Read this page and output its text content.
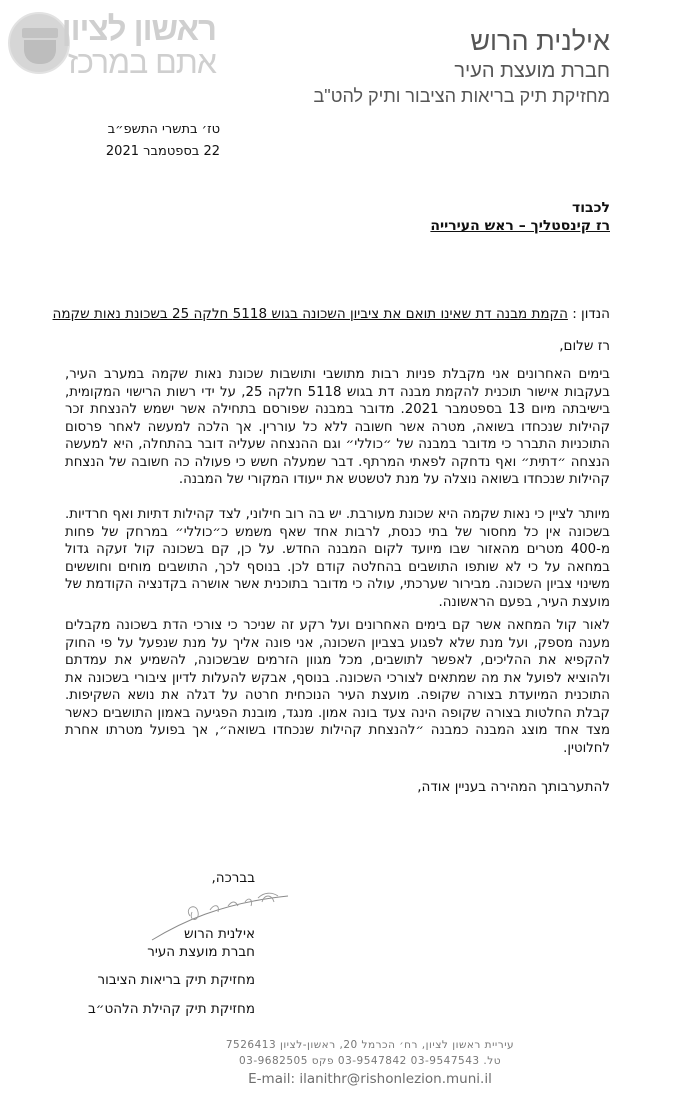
ראשון לציון
אתם במרכז
אילנית הרוש
חברת מועצת העיר
מחזיקת תיק בריאות הציבור ותיק להט"ב
טז׳ בתשרי התשפ״ב
22 בספטמבר 2021
לכבוד
רז קינסטליך – ראש העירייה
הנדון : הקמת מבנה דת שאינו תואם את ציביון השכונה בגוש 5118 חלקה 25 בשכונת נאות שקמה
רז שלום,
בימים האחרונים אני מקבלת פניות רבות מתושבי ותושבות שכונת נאות שקמה במערב העיר, בעקבות אישור תוכנית להקמת מבנה דת בגוש 5118 חלקה 25, על ידי רשות הרישוי המקומית, בישיבתה מיום 13 בספטמבר 2021. מדובר במבנה שפורסם בתחילה אשר ישמש להנצחת זכר קהילות שנכחדו בשואה, מטרה אשר חשובה ללא כל עוררין. אך הלכה למעשה לאחר פרסום התוכניות התברר כי מדובר במבנה של ״כוללי״ וגם ההנצחה שעליה דובר בהתחלה, היא למעשה הנצחה ״דתית״ ואף נדחקה לפאתי המרתף. דבר שמעלה חשש כי פעולה כה חשובה של הנצחת קהילות שנכחדו בשואה נוצלה על מנת לטשטש את ייעודו המקורי של המבנה.
מיותר לציין כי נאות שקמה היא שכונת מעורבת. יש בה רוב חילוני, לצד קהילות דתיות ואף חרדיות. בשכונה אין כל מחסור של בתי כנסת, לרבות אחד שאף משמש כ״כוללי״ במרחק של פחות מ-400 מטרים מהאזור שבו מיועד לקום המבנה החדש. על כן, קם בשכונה קול זעקה גדול במחאה על כי לא שותפו התושבים בהחלטה קודם לכן. בנוסף לכך, התושבים מוחים וחוששים משינוי צביון השכונה. מבירור שערכתי, עולה כי מדובר בתוכנית אשר אושרה בקדנציה הקודמת של מועצת העיר, בפעם הראשונה.
לאור קול המחאה אשר קם בימים האחרונים ועל רקע זה שניכר כי צורכי הדת בשכונה מקבלים מענה מספק, ועל מנת שלא לפגוע בצביון השכונה, אני פונה אליך על מנת שנפעל על פי החוק להקפיא את ההליכים, לאפשר לתושבים, מכל מגוון הזרמים שבשכונה, להשמיע את עמדתם ולהוציא לפועל את מה שמתאים לצורכי השכונה. בנוסף, אבקש להעלות לדיון ציבורי בשכונה את התוכנית המיועדת בצורה שקופה. מועצת העיר הנוכחית חרטה על דגלה את נושא השקיפות. קבלת החלטות בצורה שקופה הינה צעד בונה אמון. מנגד, מובנת הפגיעה באמון התושבים כאשר מצד אחד מוצג המבנה כמבנה ״להנצחת קהילות שנכחדו בשואה״, אך בפועל מטרתו אחרת לחלוטין.
להתערבותך המהירה בעניין אודה,
בברכה,
אילנית הרוש
חברת מועצת העיר
מחזיקת תיק בריאות הציבור
מחזיקת תיק קהילת הלהט״ב
עיריית ראשון לציון, רח׳ הכרמל 20, ראשון-לציון 7526413
טל. 03-9547543 03-9547842 פקס 03-9682505
E-mail: ilanithr@rishonlezion.muni.il
